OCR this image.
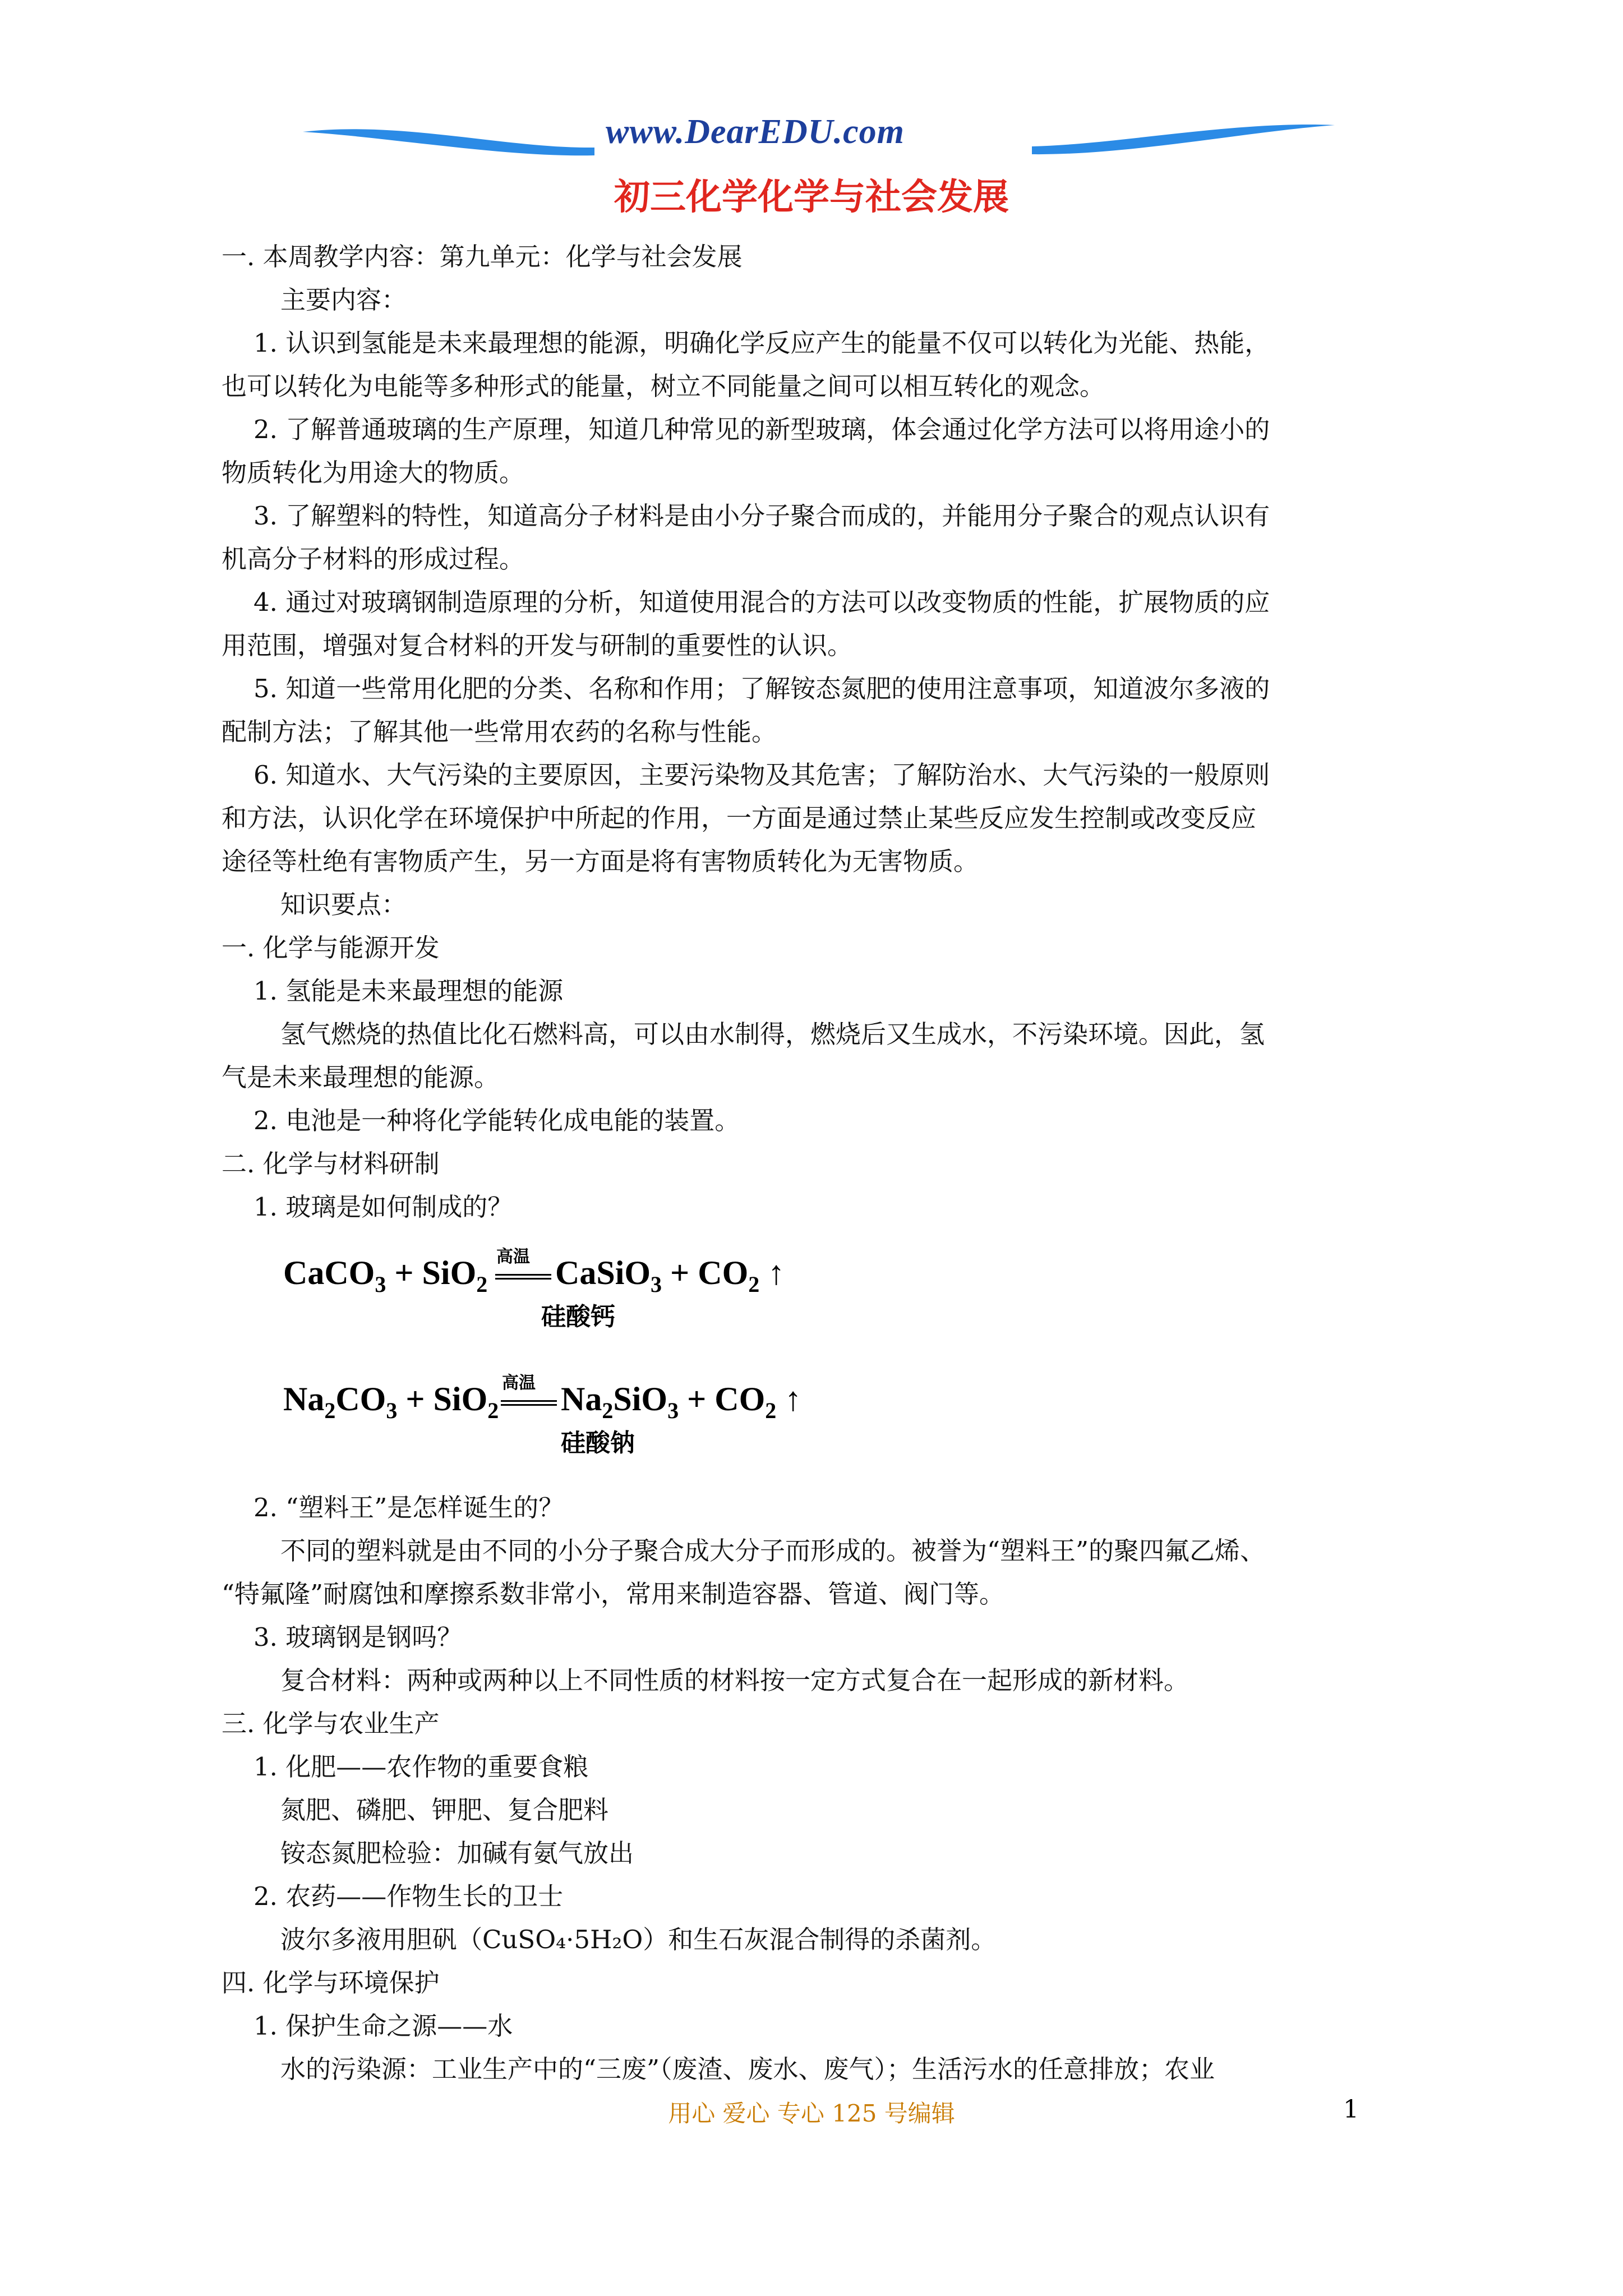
www.DearEDU.com
初三化学化学与社会发展
一. 本周教学内容：第九单元：化学与社会发展
主要内容：
1. 认识到氢能是未来最理想的能源，明确化学反应产生的能量不仅可以转化为光能、热能，
也可以转化为电能等多种形式的能量，树立不同能量之间可以相互转化的观念。
2. 了解普通玻璃的生产原理，知道几种常见的新型玻璃，体会通过化学方法可以将用途小的
物质转化为用途大的物质。
3. 了解塑料的特性，知道高分子材料是由小分子聚合而成的，并能用分子聚合的观点认识有
机高分子材料的形成过程。
4. 通过对玻璃钢制造原理的分析，知道使用混合的方法可以改变物质的性能，扩展物质的应
用范围，增强对复合材料的开发与研制的重要性的认识。
5. 知道一些常用化肥的分类、名称和作用；了解铵态氮肥的使用注意事项，知道波尔多液的
配制方法；了解其他一些常用农药的名称与性能。
6. 知道水、大气污染的主要原因，主要污染物及其危害；了解防治水、大气污染的一般原则
和方法，认识化学在环境保护中所起的作用，一方面是通过禁止某些反应发生控制或改变反应
途径等杜绝有害物质产生，另一方面是将有害物质转化为无害物质。
知识要点：
一. 化学与能源开发
1. 氢能是未来最理想的能源
氢气燃烧的热值比化石燃料高，可以由水制得，燃烧后又生成水，不污染环境。因此，氢
气是未来最理想的能源。
2. 电池是一种将化学能转化成电能的装置。
二. 化学与材料研制
1. 玻璃是如何制成的？
CaCO$_3$ + SiO$_2$
高温 CaSiO$_3$ + $CO_2$ ↑
硅酸钙
$Na_2CO_3 + SiO_2$
高温 $Na_2SiO_3 + CO_2$ ↑
硅酸钠
2. “塑料王”是怎样诞生的？
不同的塑料就是由不同的小分子聚合成大分子而形成的。被誉为“塑料王”的聚四氟乙烯、
“特氟隆”耐腐蚀和摩擦系数非常小，常用来制造容器、管道、阀门等。
3. 玻璃钢是钢吗？
复合材料：两种或两种以上不同性质的材料按一定方式复合在一起形成的新材料。
三. 化学与农业生产
1. 化肥——农作物的重要食粮
氮肥、磷肥、钾肥、复合肥料
铵态氮肥检验：加碱有氨气放出
2. 农药——作物生长的卫士
波尔多液用胆矾（CuSO₄·5H₂O）和生石灰混合制得的杀菌剂。
四. 化学与环境保护
1. 保护生命之源——水
水的污染源：工业生产中的“三废”（废渣、废水、废气）；生活污水的任意排放；农业
用心 爱心 专心 125 号编辑	1
